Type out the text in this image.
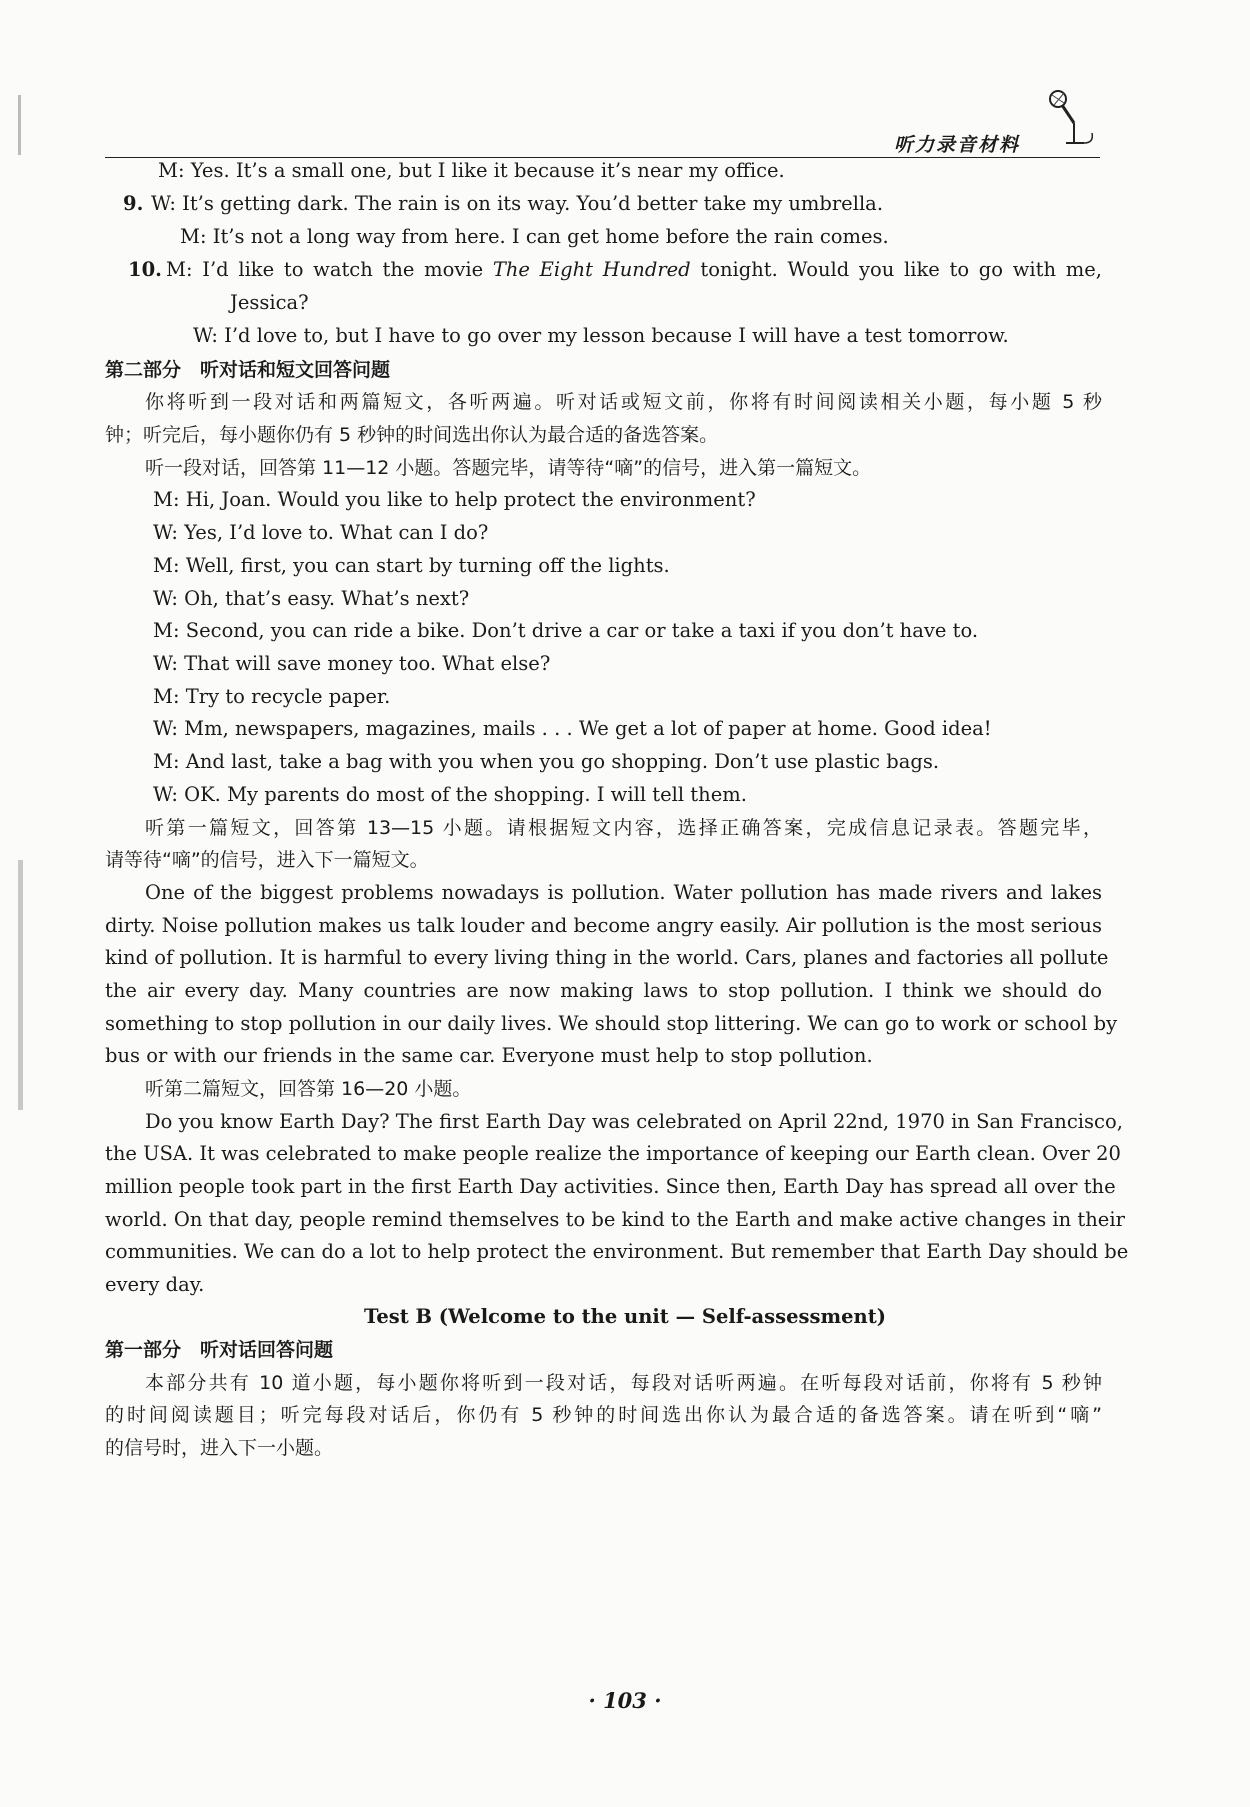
听力录音材料
M: Yes. It’s a small one, but I like it because it’s near my office.
9. W: It’s getting dark. The rain is on its way. You’d better take my umbrella.
M: It’s not a long way from here. I can get home before the rain comes.
10. M: I’d like to watch the movie The Eight Hundred tonight. Would you like to go with me,
Jessica?
W: I’d love to, but I have to go over my lesson because I will have a test tomorrow.
第二部分　听对话和短文回答问题
你将听到一段对话和两篇短文，各听两遍。听对话或短文前，你将有时间阅读相关小题，每小题 5 秒
钟；听完后，每小题你仍有 5 秒钟的时间选出你认为最合适的备选答案。
听一段对话，回答第 11—12 小题。答题完毕，请等待“嘀”的信号，进入第一篇短文。
M: Hi, Joan. Would you like to help protect the environment?
W: Yes, I’d love to. What can I do?
M: Well, first, you can start by turning off the lights.
W: Oh, that’s easy. What’s next?
M: Second, you can ride a bike. Don’t drive a car or take a taxi if you don’t have to.
W: That will save money too. What else?
M: Try to recycle paper.
W: Mm, newspapers, magazines, mails . . . We get a lot of paper at home. Good idea!
M: And last, take a bag with you when you go shopping. Don’t use plastic bags.
W: OK. My parents do most of the shopping. I will tell them.
听第一篇短文，回答第 13—15 小题。请根据短文内容，选择正确答案，完成信息记录表。答题完毕，
请等待“嘀”的信号，进入下一篇短文。
One of the biggest problems nowadays is pollution. Water pollution has made rivers and lakes
dirty. Noise pollution makes us talk louder and become angry easily. Air pollution is the most serious
kind of pollution. It is harmful to every living thing in the world. Cars, planes and factories all pollute
the air every day. Many countries are now making laws to stop pollution. I think we should do
something to stop pollution in our daily lives. We should stop littering. We can go to work or school by
bus or with our friends in the same car. Everyone must help to stop pollution.
听第二篇短文，回答第 16—20 小题。
Do you know Earth Day? The first Earth Day was celebrated on April 22nd, 1970 in San Francisco,
the USA. It was celebrated to make people realize the importance of keeping our Earth clean. Over 20
million people took part in the first Earth Day activities. Since then, Earth Day has spread all over the
world. On that day, people remind themselves to be kind to the Earth and make active changes in their
communities. We can do a lot to help protect the environment. But remember that Earth Day should be
every day.
Test B (Welcome to the unit — Self-assessment)
第一部分　听对话回答问题
本部分共有 10 道小题，每小题你将听到一段对话，每段对话听两遍。在听每段对话前，你将有 5 秒钟
的时间阅读题目；听完每段对话后，你仍有 5 秒钟的时间选出你认为最合适的备选答案。请在听到“嘀”
的信号时，进入下一小题。
· 103 ·
